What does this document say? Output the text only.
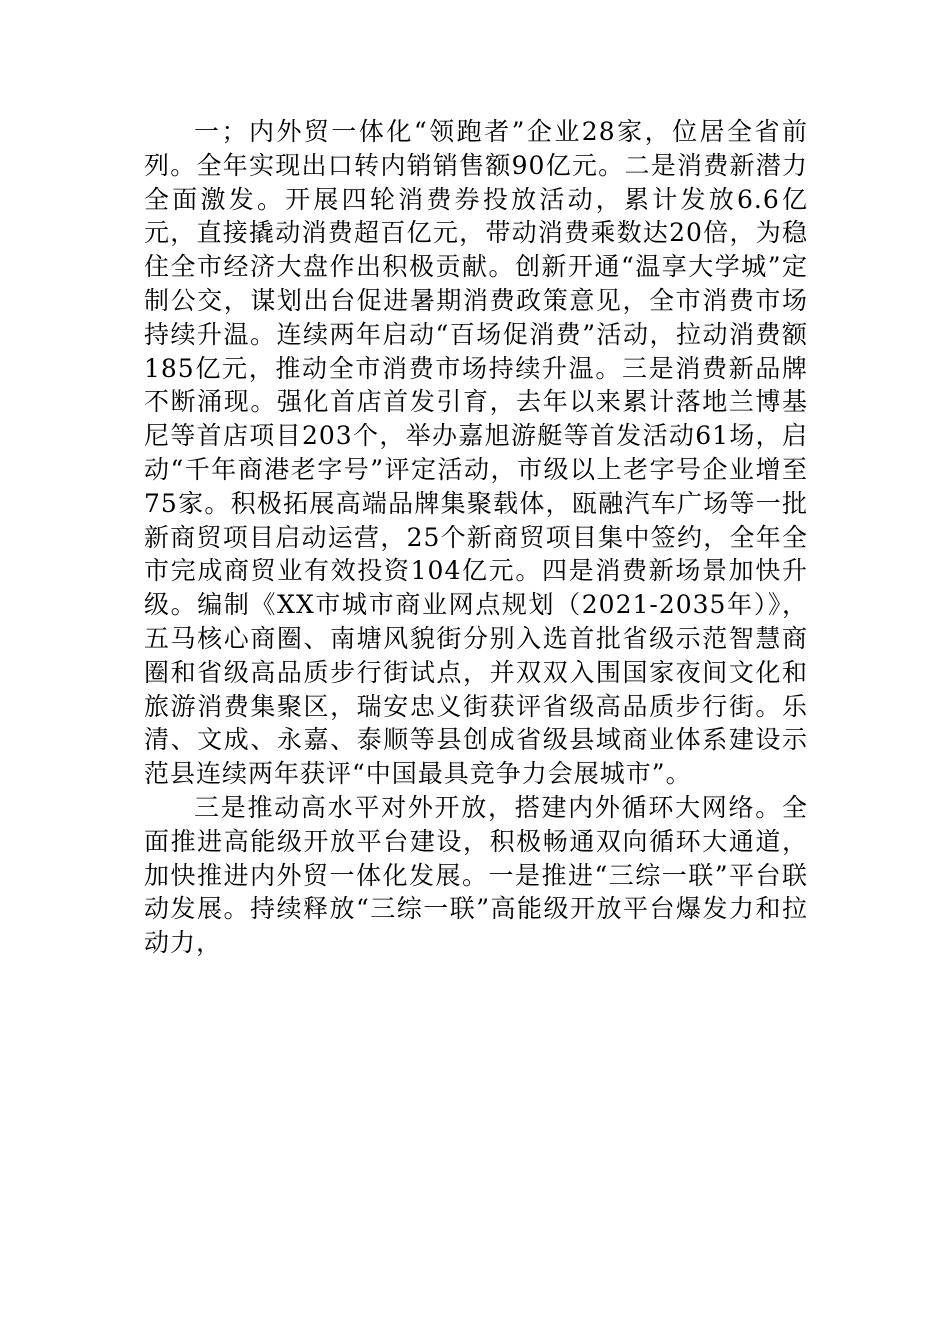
一；内外贸一体化“领跑者”企业28家，位居全省前列。全年实现出口转内销销售额90亿元。二是消费新潜力全面激发。开展四轮消费券投放活动，累计发放6.6亿元，直接撬动消费超百亿元，带动消费乘数达20倍，为稳住全市经济大盘作出积极贡献。创新开通“温享大学城”定制公交，谋划出台促进暑期消费政策意见，全市消费市场持续升温。连续两年启动“百场促消费”活动，拉动消费额185亿元，推动全市消费市场持续升温。三是消费新品牌不断涌现。强化首店首发引育，去年以来累计落地兰博基尼等首店项目203个，举办嘉旭游艇等首发活动61场，启动“千年商港老字号”评定活动，市级以上老字号企业增至75家。积极拓展高端品牌集聚载体，瓯融汽车广场等一批新商贸项目启动运营，25个新商贸项目集中签约，全年全市完成商贸业有效投资104亿元。四是消费新场景加快升级。编制《XX市城市商业网点规划（2021-2035年）》，五马核心商圈、南塘风貌街分别入选首批省级示范智慧商圈和省级高品质步行街试点，并双双入围国家夜间文化和旅游消费集聚区，瑞安忠义街获评省级高品质步行街。乐清、文成、永嘉、泰顺等县创成省级县域商业体系建设示范县连续两年获评“中国最具竞争力会展城市”。

三是推动高水平对外开放，搭建内外循环大网络。全面推进高能级开放平台建设，积极畅通双向循环大通道，加快推进内外贸一体化发展。一是推进“三综一联”平台联动发展。持续释放“三综一联”高能级开放平台爆发力和拉动力，
